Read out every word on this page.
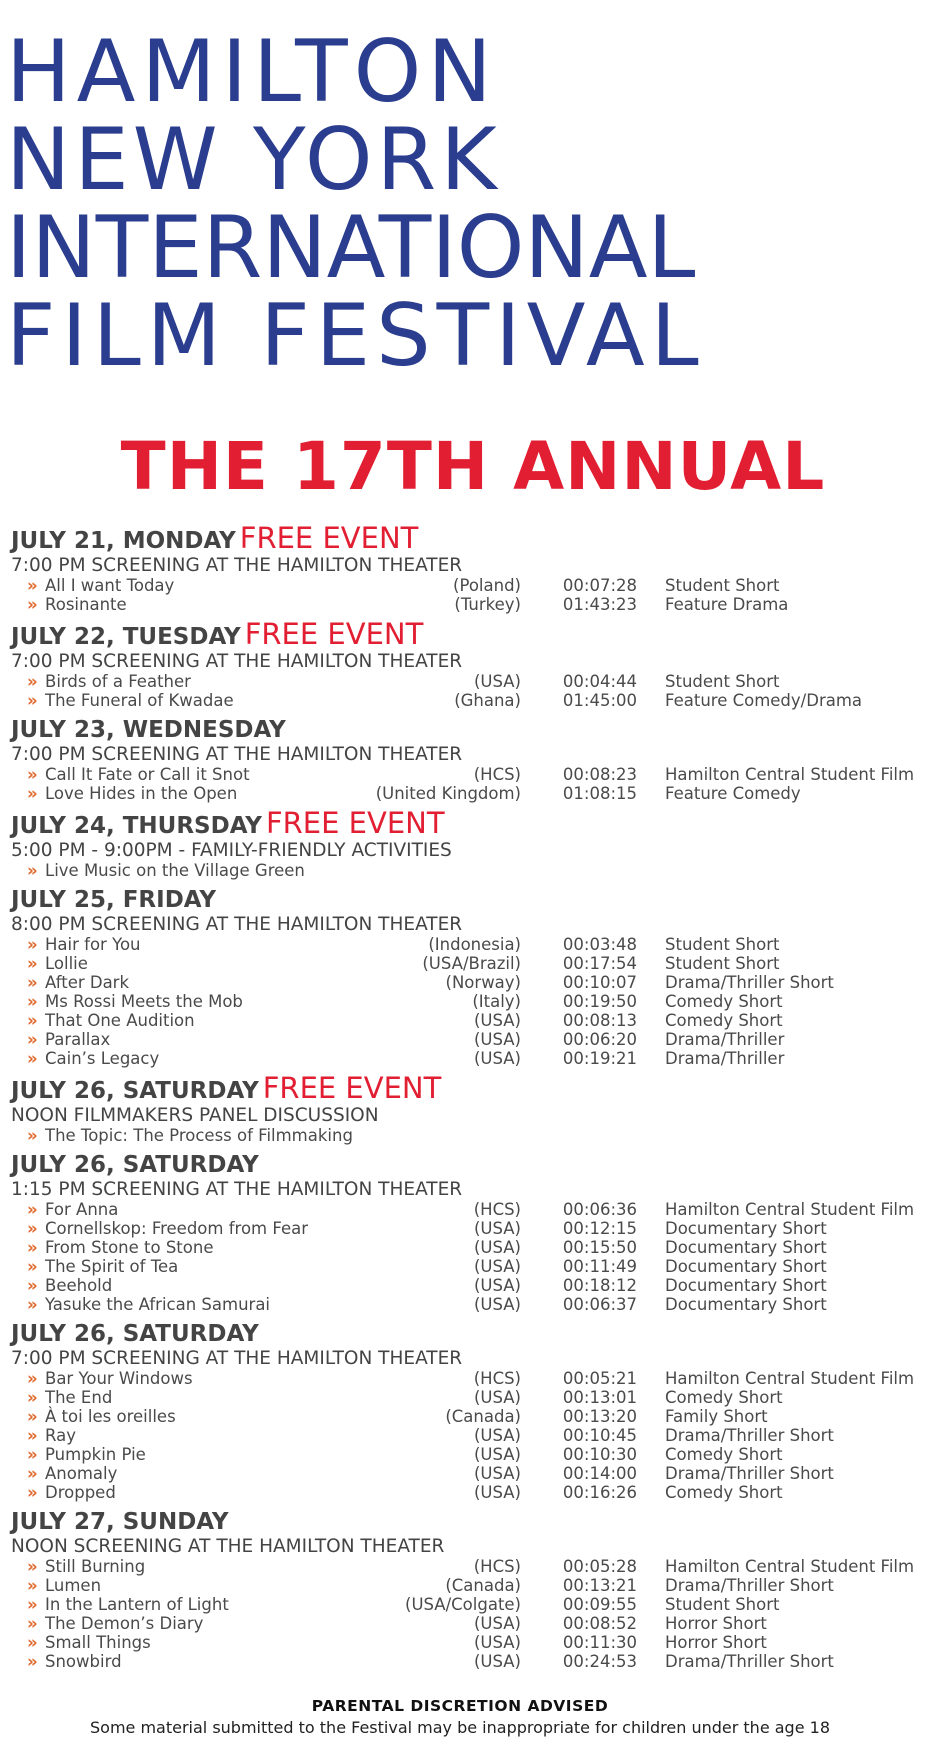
HAMILTON
NEW YORK
INTERNATIONAL
FILM FESTIVAL
THE 17TH ANNUAL
JULY 21, MONDAY FREE EVENT
7:00 PM SCREENING AT THE HAMILTON THEATER
» All I want Today	(Poland)	00:07:28 Student Short
» Rosinante	(Turkey)	01:43:23 Feature Drama
JULY 22, TUESDAY FREE EVENT
7:00 PM SCREENING AT THE HAMILTON THEATER
» Birds of a Feather	(USA)	00:04:44 Student Short
» The Funeral of Kwadae	(Ghana)	01:45:00 Feature Comedy/Drama
JULY 23, WEDNESDAY
7:00 PM SCREENING AT THE HAMILTON THEATER
» Call It Fate or Call it Snot	(HCS)	00:08:23 Hamilton Central Student Film
» Love Hides in the Open	(United Kingdom)	01:08:15 Feature Comedy
JULY 24, THURSDAY FREE EVENT
5:00 PM - 9:00PM - FAMILY-FRIENDLY ACTIVITIES
» Live Music on the Village Green
JULY 25, FRIDAY
8:00 PM SCREENING AT THE HAMILTON THEATER
» Hair for You	(Indonesia)	00:03:48 Student Short
» Lollie	(USA/Brazil)	00:17:54 Student Short
» After Dark	(Norway)	00:10:07 Drama/Thriller Short
» Ms Rossi Meets the Mob	(Italy)	00:19:50 Comedy Short
» That One Audition	(USA)	00:08:13 Comedy Short
» Parallax	(USA)	00:06:20 Drama/Thriller
» Cain’s Legacy	(USA)	00:19:21 Drama/Thriller
JULY 26, SATURDAY FREE EVENT
NOON FILMMAKERS PANEL DISCUSSION
» The Topic: The Process of Filmmaking
JULY 26, SATURDAY
1:15 PM SCREENING AT THE HAMILTON THEATER
» For Anna	(HCS)	00:06:36 Hamilton Central Student Film
» Cornellskop: Freedom from Fear	(USA)	00:12:15 Documentary Short
» From Stone to Stone	(USA)	00:15:50 Documentary Short
» The Spirit of Tea	(USA)	00:11:49 Documentary Short
» Beehold	(USA)	00:18:12 Documentary Short
» Yasuke the African Samurai	(USA)	00:06:37 Documentary Short
JULY 26, SATURDAY
7:00 PM SCREENING AT THE HAMILTON THEATER
» Bar Your Windows	(HCS)	00:05:21 Hamilton Central Student Film
» The End	(USA)	00:13:01 Comedy Short
» À toi les oreilles	(Canada)	00:13:20 Family Short
» Ray	(USA)	00:10:45 Drama/Thriller Short
» Pumpkin Pie	(USA)	00:10:30 Comedy Short
» Anomaly	(USA)	00:14:00 Drama/Thriller Short
» Dropped	(USA)	00:16:26 Comedy Short
JULY 27, SUNDAY
NOON SCREENING AT THE HAMILTON THEATER
» Still Burning	(HCS)	00:05:28 Hamilton Central Student Film
» Lumen	(Canada)	00:13:21 Drama/Thriller Short
» In the Lantern of Light	(USA/Colgate)	00:09:55 Student Short
» The Demon’s Diary	(USA)	00:08:52 Horror Short
» Small Things	(USA)	00:11:30 Horror Short
» Snowbird	(USA)	00:24:53 Drama/Thriller Short
PARENTAL DISCRETION ADVISED
Some material submitted to the Festival may be inappropriate for children under the age 18
